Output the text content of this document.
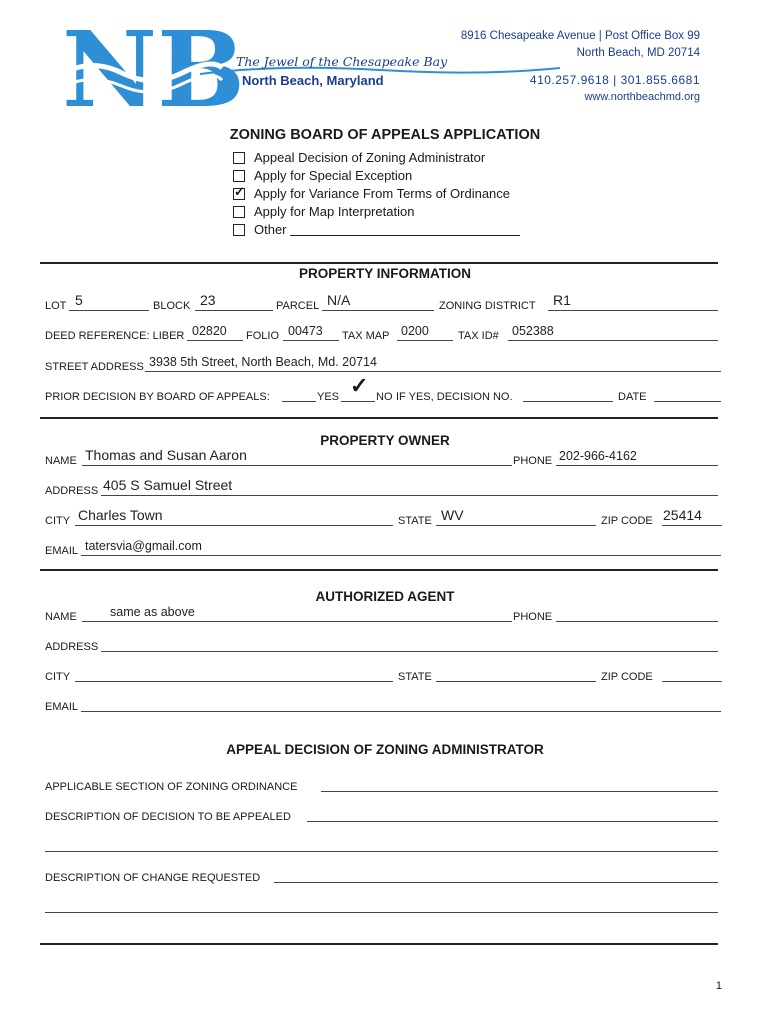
NB
The Jewel of the Chesapeake Bay
North Beach, Maryland
8916 Chesapeake Avenue | Post Office Box 99
North Beach, MD 20714
410.257.9618 | 301.855.6681
www.northbeachmd.org
ZONING BOARD OF APPEALS APPLICATION
Appeal Decision of Zoning Administrator
Apply for Special Exception
✓
Apply for Variance From Terms of Ordinance
Apply for Map Interpretation
Other
PROPERTY INFORMATION
LOT 5	BLOCK 23	PARCEL N/A	ZONING DISTRICT R1
DEED REFERENCE: LIBER 02820 FOLIO 00473 TAX MAP 0200	TAX ID# 052388
STREET ADDRESS 3938 5th Street, North Beach, Md. 20714
PRIOR DECISION BY BOARD OF APPEALS:	YES ✓ NO IF YES, DECISION NO.	DATE
PROPERTY OWNER
NAME Thomas and Susan Aaron	PHONE 202-966-4162
ADDRESS 405 S Samuel Street
CITY Charles Town	STATE WV	ZIP CODE 25414
EMAIL tatersvia@gmail.com
AUTHORIZED AGENT
NAME	same as above	PHONE
ADDRESS
CITY	STATE	ZIP CODE
EMAIL
APPEAL DECISION OF ZONING ADMINISTRATOR
APPLICABLE SECTION OF ZONING ORDINANCE
DESCRIPTION OF DECISION TO BE APPEALED
DESCRIPTION OF CHANGE REQUESTED
1
